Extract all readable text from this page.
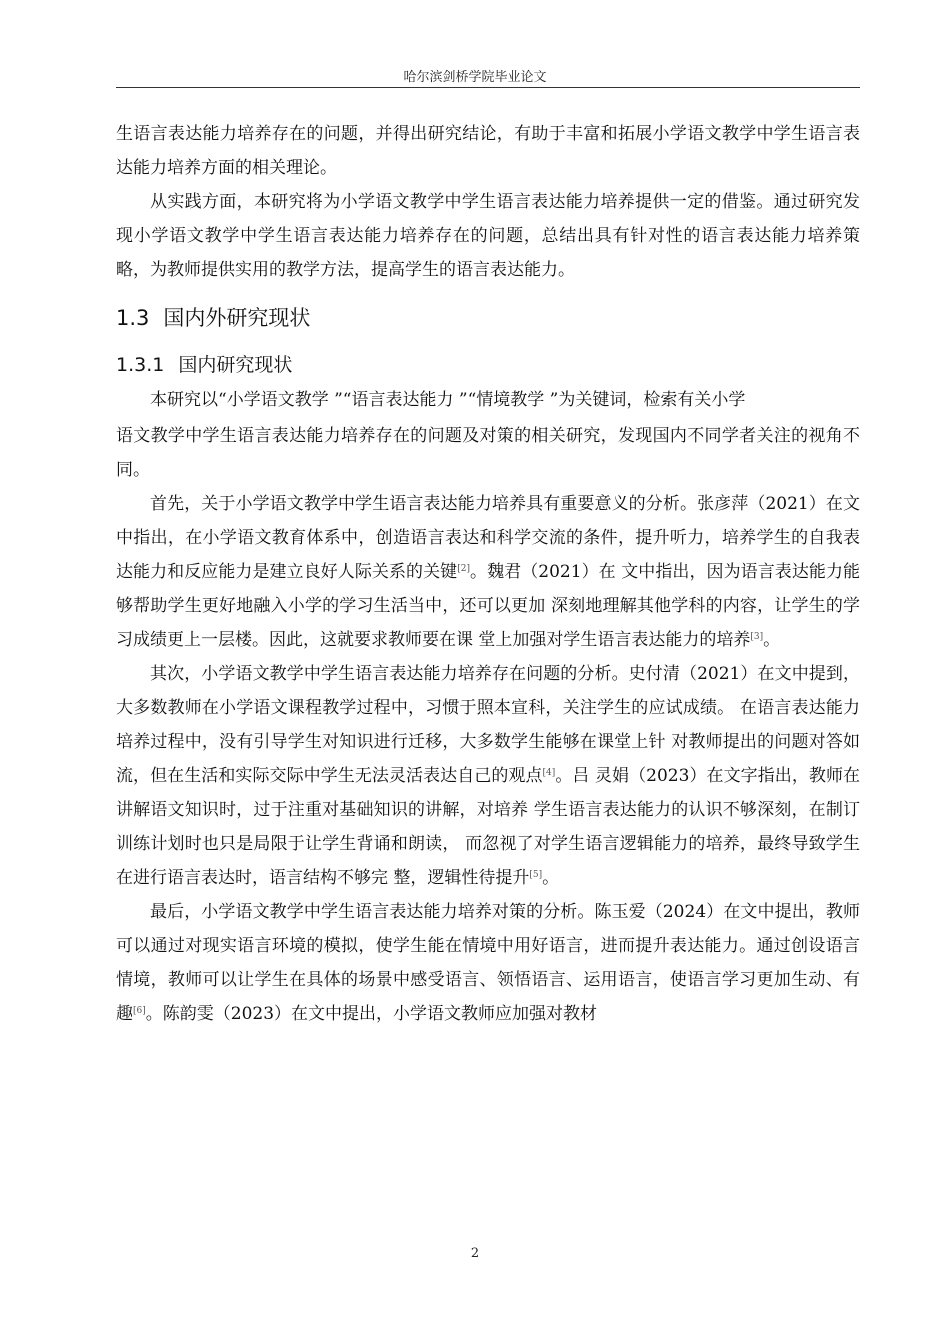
哈尔滨剑桥学院毕业论文

生语言表达能力培养存在的问题，并得出研究结论，有助于丰富和拓展小学语文教学中学生语言表达能力培养方面的相关理论。

从实践方面，本研究将为小学语文教学中学生语言表达能力培养提供一定的借鉴。通过研究发现小学语文教学中学生语言表达能力培养存在的问题，总结出具有针对性的语言表达能力培养策略，为教师提供实用的教学方法，提高学生的语言表达能力。

1.3 国内外研究现状
1.3.1 国内研究现状

本研究以“小学语文教学 ”“语言表达能力 ”“情境教学 ”为关键词，检索有关小学

语文教学中学生语言表达能力培养存在的问题及对策的相关研究，发现国内不同学者关注的视角不同。

首先，关于小学语文教学中学生语言表达能力培养具有重要意义的分析。张彦萍（2021）在文中指出，在小学语文教育体系中，创造语言表达和科学交流的条件，提升听力，培养学生的自我表达能力和反应能力是建立良好人际关系的关键[2]。魏君（2021）在 文中指出，因为语言表达能力能够帮助学生更好地融入小学的学习生活当中，还可以更加 深刻地理解其他学科的内容，让学生的学习成绩更上一层楼。因此，这就要求教师要在课 堂上加强对学生语言表达能力的培养[3]。

其次，小学语文教学中学生语言表达能力培养存在问题的分析。史付清（2021）在文中提到，大多数教师在小学语文课程教学过程中，习惯于照本宣科，关注学生的应试成绩。 在语言表达能力培养过程中，没有引导学生对知识进行迁移，大多数学生能够在课堂上针 对教师提出的问题对答如流，但在生活和实际交际中学生无法灵活表达自己的观点[4]。吕 灵娟（2023）在文字指出，教师在讲解语文知识时，过于注重对基础知识的讲解，对培养 学生语言表达能力的认识不够深刻，在制订训练计划时也只是局限于让学生背诵和朗读， 而忽视了对学生语言逻辑能力的培养，最终导致学生在进行语言表达时，语言结构不够完 整，逻辑性待提升[5]。

最后，小学语文教学中学生语言表达能力培养对策的分析。陈玉爱（2024）在文中提出，教师可以通过对现实语言环境的模拟，使学生能在情境中用好语言，进而提升表达能力。通过创设语言情境，教师可以让学生在具体的场景中感受语言、领悟语言、运用语言，使语言学习更加生动、有趣[6]。陈韵雯（2023）在文中提出，小学语文教师应加强对教材

2
